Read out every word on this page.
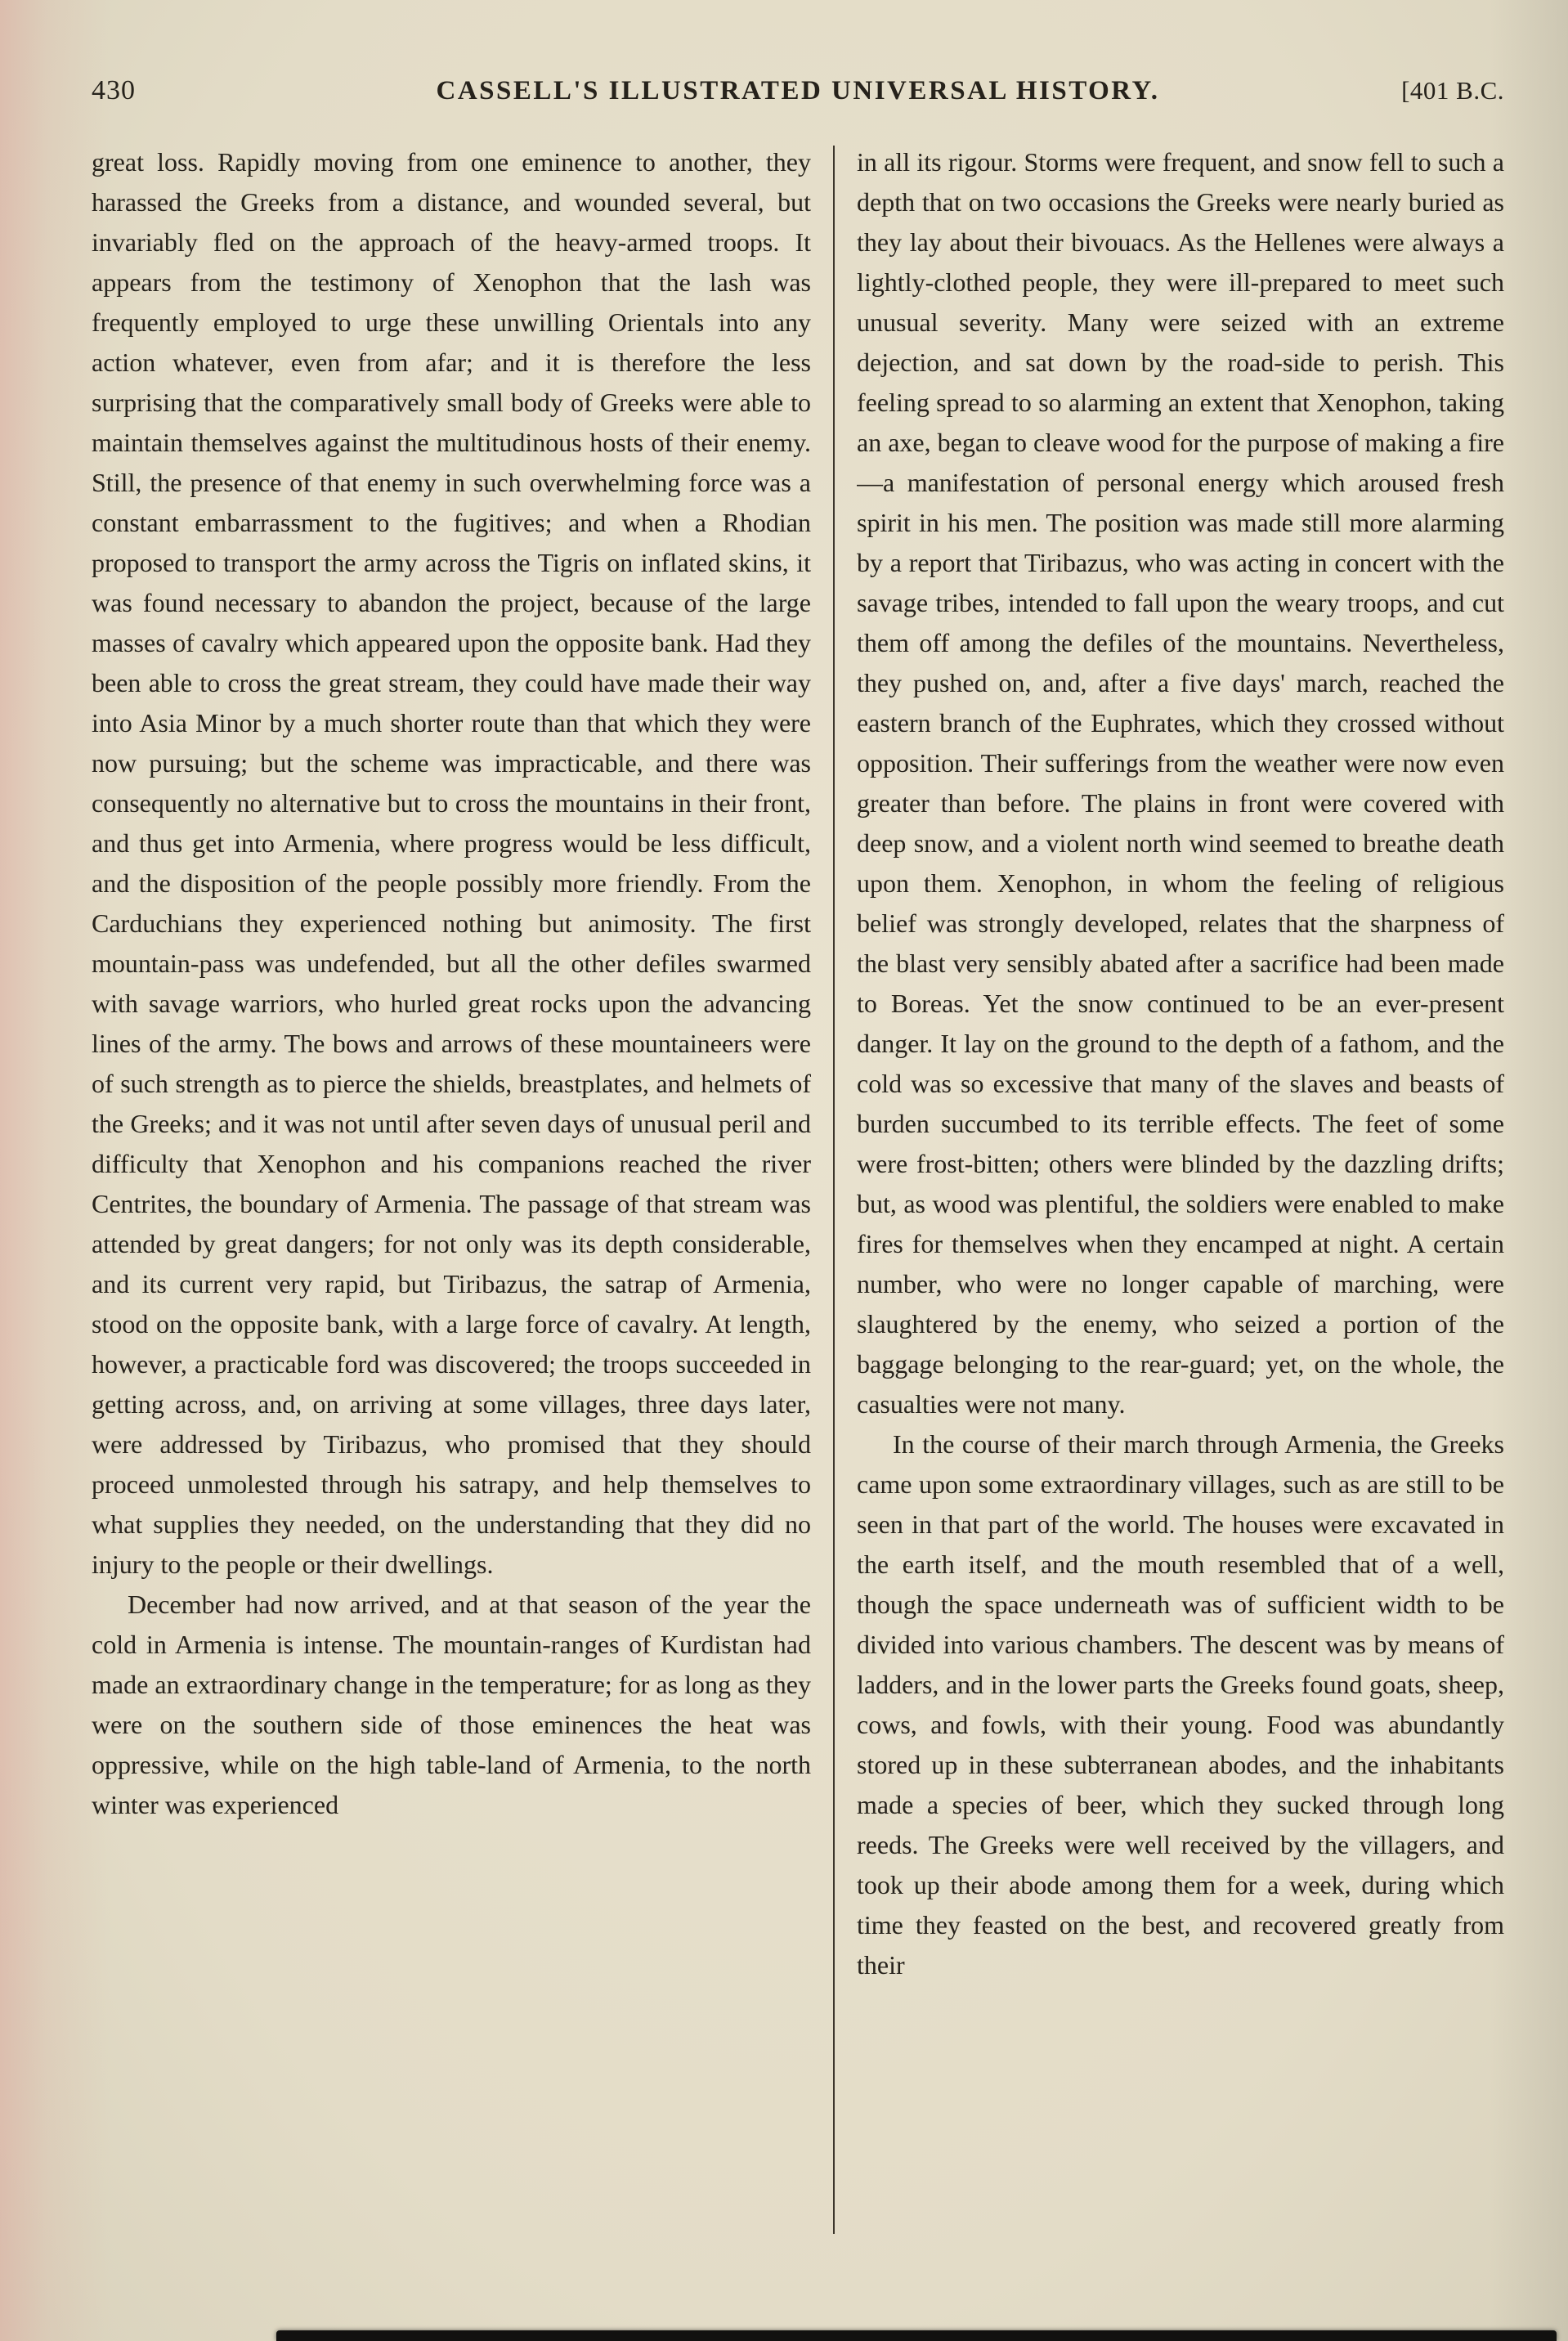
430	CASSELL'S ILLUSTRATED UNIVERSAL HISTORY.	[401 B.C.

great loss. Rapidly moving from one eminence to another, they harassed the Greeks from a distance, and wounded several, but invariably fled on the approach of the heavy-armed troops. It appears from the testimony of Xenophon that the lash was frequently employed to urge these unwilling Orientals into any action whatever, even from afar; and it is therefore the less surprising that the comparatively small body of Greeks were able to maintain themselves against the multitudinous hosts of their enemy. Still, the presence of that enemy in such overwhelming force was a constant embarrassment to the fugitives; and when a Rhodian proposed to transport the army across the Tigris on inflated skins, it was found necessary to abandon the project, because of the large masses of cavalry which appeared upon the opposite bank. Had they been able to cross the great stream, they could have made their way into Asia Minor by a much shorter route than that which they were now pursuing; but the scheme was impracticable, and there was consequently no alternative but to cross the mountains in their front, and thus get into Armenia, where progress would be less difficult, and the disposition of the people possibly more friendly. From the Carduchians they experienced nothing but animosity. The first mountain-pass was undefended, but all the other defiles swarmed with savage warriors, who hurled great rocks upon the advancing lines of the army. The bows and arrows of these mountaineers were of such strength as to pierce the shields, breastplates, and helmets of the Greeks; and it was not until after seven days of unusual peril and difficulty that Xenophon and his companions reached the river Centrites, the boundary of Armenia. The passage of that stream was attended by great dangers; for not only was its depth considerable, and its current very rapid, but Tiribazus, the satrap of Armenia, stood on the opposite bank, with a large force of cavalry. At length, however, a practicable ford was discovered; the troops succeeded in getting across, and, on arriving at some villages, three days later, were addressed by Tiribazus, who promised that they should proceed unmolested through his satrapy, and help themselves to what supplies they needed, on the understanding that they did no injury to the people or their dwellings.

December had now arrived, and at that season of the year the cold in Armenia is intense. The mountain-ranges of Kurdistan had made an extraordinary change in the temperature; for as long as they were on the southern side of those eminences the heat was oppressive, while on the high table-land of Armenia, to the north winter was experienced

in all its rigour. Storms were frequent, and snow fell to such a depth that on two occasions the Greeks were nearly buried as they lay about their bivouacs. As the Hellenes were always a lightly-clothed people, they were ill-prepared to meet such unusual severity. Many were seized with an extreme dejection, and sat down by the road-side to perish. This feeling spread to so alarming an extent that Xenophon, taking an axe, began to cleave wood for the purpose of making a fire—a manifestation of personal energy which aroused fresh spirit in his men. The position was made still more alarming by a report that Tiribazus, who was acting in concert with the savage tribes, intended to fall upon the weary troops, and cut them off among the defiles of the mountains. Nevertheless, they pushed on, and, after a five days' march, reached the eastern branch of the Euphrates, which they crossed without opposition. Their sufferings from the weather were now even greater than before. The plains in front were covered with deep snow, and a violent north wind seemed to breathe death upon them. Xenophon, in whom the feeling of religious belief was strongly developed, relates that the sharpness of the blast very sensibly abated after a sacrifice had been made to Boreas. Yet the snow continued to be an ever-present danger. It lay on the ground to the depth of a fathom, and the cold was so excessive that many of the slaves and beasts of burden succumbed to its terrible effects. The feet of some were frost-bitten; others were blinded by the dazzling drifts; but, as wood was plentiful, the soldiers were enabled to make fires for themselves when they encamped at night. A certain number, who were no longer capable of marching, were slaughtered by the enemy, who seized a portion of the baggage belonging to the rear-guard; yet, on the whole, the casualties were not many.

In the course of their march through Armenia, the Greeks came upon some extraordinary villages, such as are still to be seen in that part of the world. The houses were excavated in the earth itself, and the mouth resembled that of a well, though the space underneath was of sufficient width to be divided into various chambers. The descent was by means of ladders, and in the lower parts the Greeks found goats, sheep, cows, and fowls, with their young. Food was abundantly stored up in these subterranean abodes, and the inhabitants made a species of beer, which they sucked through long reeds. The Greeks were well received by the villagers, and took up their abode among them for a week, during which time they feasted on the best, and recovered greatly from their
